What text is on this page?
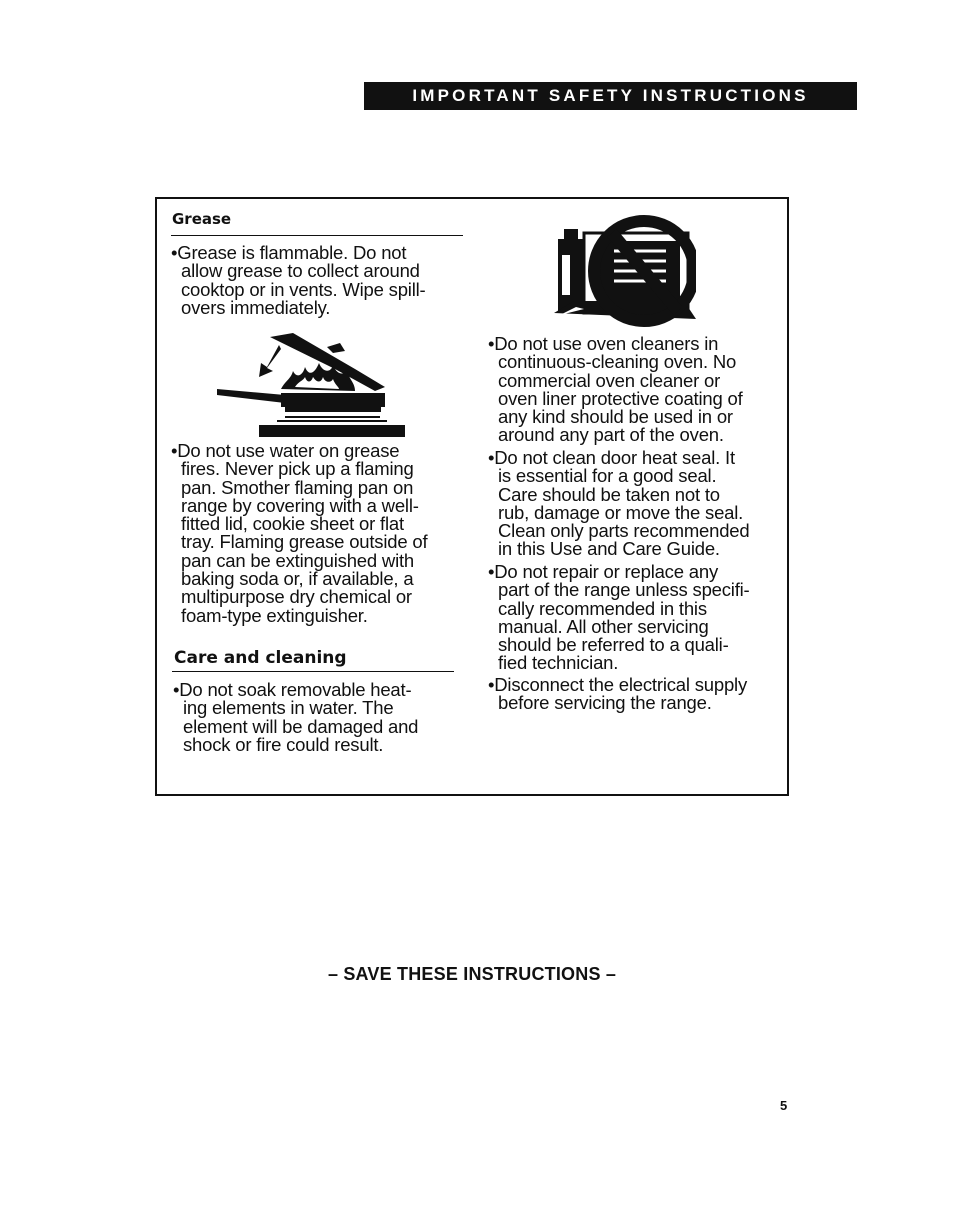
IMPORTANT SAFETY INSTRUCTIONS
Grease
•Grease is flammable. Do not
allow grease to collect around
cooktop or in vents. Wipe spill-
overs immediately.
•Do not use water on grease
fires. Never pick up a flaming
pan. Smother flaming pan on
range by covering with a well-
fitted lid, cookie sheet or flat
tray. Flaming grease outside of
pan can be extinguished with
baking soda or, if available, a
multipurpose dry chemical or
foam-type extinguisher.
Care and cleaning
•Do not soak removable heat-
ing elements in water. The
element will be damaged and
shock or fire could result.
•Do not use oven cleaners in
continuous-cleaning oven. No
commercial oven cleaner or
oven liner protective coating of
any kind should be used in or
around any part of the oven.
•Do not clean door heat seal. It
is essential for a good seal.
Care should be taken not to
rub, damage or move the seal.
Clean only parts recommended
in this Use and Care Guide.
•Do not repair or replace any
part of the range unless specifi-
cally recommended in this
manual. All other servicing
should be referred to a quali-
fied technician.
•Disconnect the electrical supply
before servicing the range.
– SAVE THESE INSTRUCTIONS –
5
